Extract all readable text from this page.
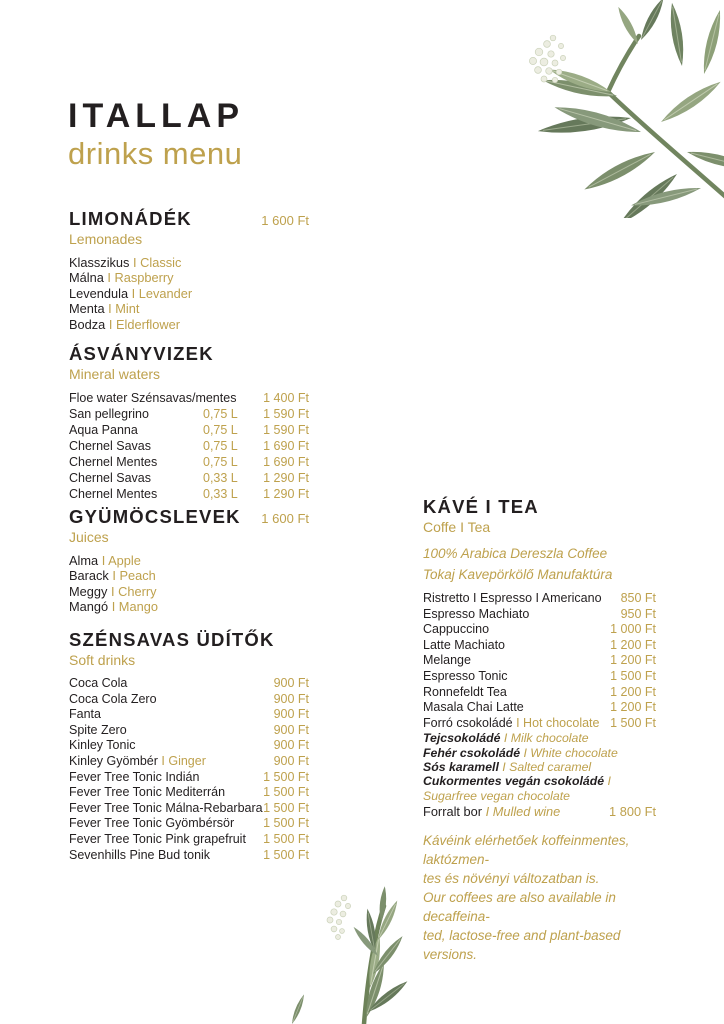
ITALLAP
drinks menu
LIMONÁDÉK	1 600 Ft
Lemonades
Klasszikus I Classic
Málna I Raspberry
Levendula I Levander
Menta I Mint
Bodza I Elderflower
ÁSVÁNYVIZEK
Mineral waters
Floe water Szénsavas/mentes 1 400 Ft
San pellegrino	0,75 L 1 590 Ft
Aqua Panna	0,75 L 1 590 Ft
Chernel Savas	0,75 L 1 690 Ft
Chernel Mentes	0,75 L 1 690 Ft
Chernel Savas	0,33 L 1 290 Ft
Chernel Mentes	0,33 L 1 290 Ft
GYÜMÖCSLEVEK 1 600 Ft
Juices
Alma I Apple
Barack I Peach
Meggy I Cherry
Mangó I Mango
SZÉNSAVAS ÜDÍTŐK
Soft drinks
Coca Cola	900 Ft
Coca Cola Zero	900 Ft
Fanta	900 Ft
Spite Zero	900 Ft
Kinley Tonic	900 Ft
Kinley Gyömbér I Ginger	900 Ft
Fever Tree Tonic Indián	1 500 Ft
Fever Tree Tonic Mediterrán	1 500 Ft
Fever Tree Tonic Málna-Rebarbara 1 500 Ft
Fever Tree Tonic Gyömbérsör 1 500 Ft
Fever Tree Tonic Pink grapefruit 1 500 Ft
Sevenhills Pine Bud tonik	1 500 Ft
KÁVÉ I TEA
Coffe I Tea
100% Arabica Dereszla Coffee
Tokaj Kavepörkölő Manufaktúra
Ristretto I Espresso I Americano 850 Ft
Espresso Machiato	950 Ft
Cappuccino	1 000 Ft
Latte Machiato	1 200 Ft
Melange	1 200 Ft
Espresso Tonic	1 500 Ft
Ronnefeldt Tea	1 200 Ft
Masala Chai Latte	1 200 Ft
Forró csokoládé I Hot chocolate 1 500 Ft
Tejcsokoládé I Milk chocolate
Fehér csokoládé I White chocolate
Sós karamell I Salted caramel
Cukormentes vegán csokoládé I
Sugarfree vegan chocolate
Forralt bor I Mulled wine	1 800 Ft
Kávéink elérhetőek koffeinmentes, laktózmen-
tes és növényi változatban is.
Our coffees are also available in decaffeina-
ted, lactose-free and plant-based versions.
